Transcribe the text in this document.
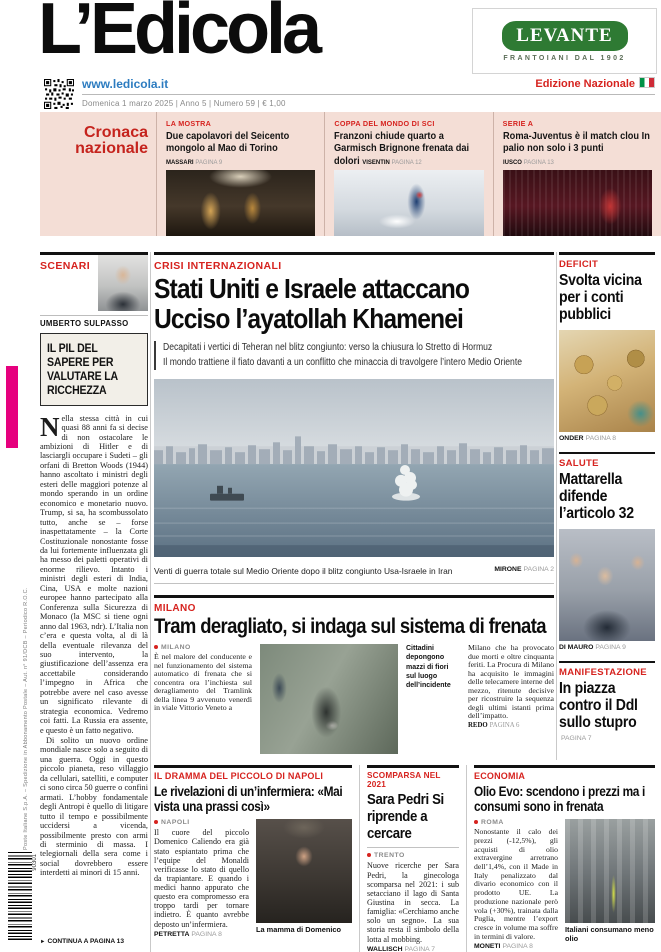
L’Edicola	LEVANTE
FRANTOIANI DAL 1902
www.ledicola.it
Domenica 1 marzo 2025 | Anno 5 | Numero 59 | € 1,00
Edizione Nazionale
Cronaca nazionale
LA MOSTRA
Due capolavori del Seicento mongolo al Mao di Torino MASSARI PAGINA 9
COPPA DEL MONDO DI SCI
Franzoni chiude quarto a Garmisch Brignone frenata dai dolori VISENTIN PAGINA 12
SERIE A
Roma-Juventus è il match clou In palio non solo i 3 punti IUSCO PAGINA 13
SCENARI
UMBERTO SULPASSO
IL PIL DEL SAPERE PER VALUTARE LA RICCHEZZA

Nella stessa città in cui quasi 88 anni fa si decise di non ostacolare le ambizioni di Hitler e di lasciargli occupare i Sudeti – gli orfani di Bretton Woods (1944) hanno ascoltato i ministri degli esteri delle maggiori potenze al mondo sperando in un ordine economico e monetario nuovo. Trump, si sa, ha scombussolato tutto, anche se – forse inaspettatamente – la Corte Costituzionale nonostante fosse da lui fortemente influenzata gli ha messo dei paletti operativi di enorme rilievo. Intanto i ministri degli esteri di India, Cina, USA e molte nazioni europee hanno partecipato alla Conferenza sulla Sicurezza di Monaco (la MSC si tiene ogni anno dal 1963, ndr). L’Italia non c’era e questa volta, al di là della eventuale rilevanza del suo intervento, la giustificazione dell’assenza era accettabile considerando l’impegno in Africa che potrebbe avere nel caso avesse un significato rilevante di strategia economica. Vedremo coi fatti. La Russia era assente, e questo è un fatto negativo.

Di solito un nuovo ordine mondiale nasce solo a seguito di una guerra. Oggi in questo piccolo pianeta, reso villaggio da cellulari, satelliti, e computer ci sono circa 50 guerre o confini armati. L’hobby fondamentale degli Antropi è quello di litigare tutto il tempo e possibilmente uccidersi a vicenda, possibilmente presto con armi di sterminio di massa. I telegiornali della sera come i social dovrebbero essere interdetti ai minori di 15 anni.

► CONTINUA A PAGINA 13
CRISI INTERNAZIONALI
Stati Uniti e Israele attaccano
Ucciso l’ayatollah Khamenei
Decapitati i vertici di Teheran nel blitz congiunto: verso la chiusura lo Stretto di Hormuz
Il mondo trattiene il fiato davanti a un conflitto che minaccia di travolgere l’intero Medio Oriente
Venti di guerra totale sul Medio Oriente dopo il blitz congiunto Usa-Israele in Iran	MIRONE PAGINA 2
MILANO
Tram deragliato, si indaga sul sistema di frenata
MILANO
È nel malore del conducente e nel funzionamento del sistema automatico di frenata che si concentra ora l’inchiesta sul deragliamento del Tramlink della linea 9 avvenuto venerdì in viale Vittorio Veneto a
Cittadini depongono mazzi di fiori sul luogo dell’incidente
Milano che ha provocato due morti e oltre cinquanta feriti. La Procura di Milano ha acquisito le immagini delle telecamere interne del mezzo, ritenute decisive per ricostruire la sequenza degli ultimi istanti prima dell’impatto. REDO PAGINA 6
DEFICIT
Svolta vicina per i conti pubblici
ONDER PAGINA 8
SALUTE
Mattarella difende l’articolo 32
DI MAURO PAGINA 9
MANIFESTAZIONE
In piazza contro il Ddl sullo stupro
PAGINA 7
IL DRAMMA DEL PICCOLO DI NAPOLI
Le rivelazioni di un’infermiera: «Mai vista una prassi così»
NAPOLI
Il cuore del piccolo Domenico Caliendo era già stato espiantato prima che l’equipe del Monaldi verificasse lo stato di quello da trapiantare. E quando i medici hanno appurato che questo era compromesso era troppo tardi per tornare indietro. È quanto avrebbe deposto un’infermiera.
PETRETTA PAGINA 8
La mamma di Domenico
SCOMPARSA NEL 2021
Sara Pedri Si riprende a cercare
TRENTO
Nuove ricerche per Sara Pedri, la ginecologa scomparsa nel 2021: i sub setacciano il lago di Santa Giustina in secca. La famiglia: «Cerchiamo anche solo un segno». La sua storia resta il simbolo della lotta al mobbing.
WALLISCH PAGINA 7
ECONOMIA
Olio Evo: scendono i prezzi ma i consumi sono in frenata
ROMA
Nonostante il calo dei prezzi (-12,5%), gli acquisti di olio extravergine arretrano dell’1,4%, con il Made in Italy penalizzato dal divario economico con il prodotto UE. La produzione nazionale però vola (+30%), trainata dalla Puglia, mentre l’export cresce in volume ma soffre in termini di valore.
MONETI PAGINA 8
Italiani consumano meno olio
Poste Italiane S.p.A. – Spedizione in Abbonamento Postale – Aut. n° 91/DCB – Periodico R.O.C.
90301
